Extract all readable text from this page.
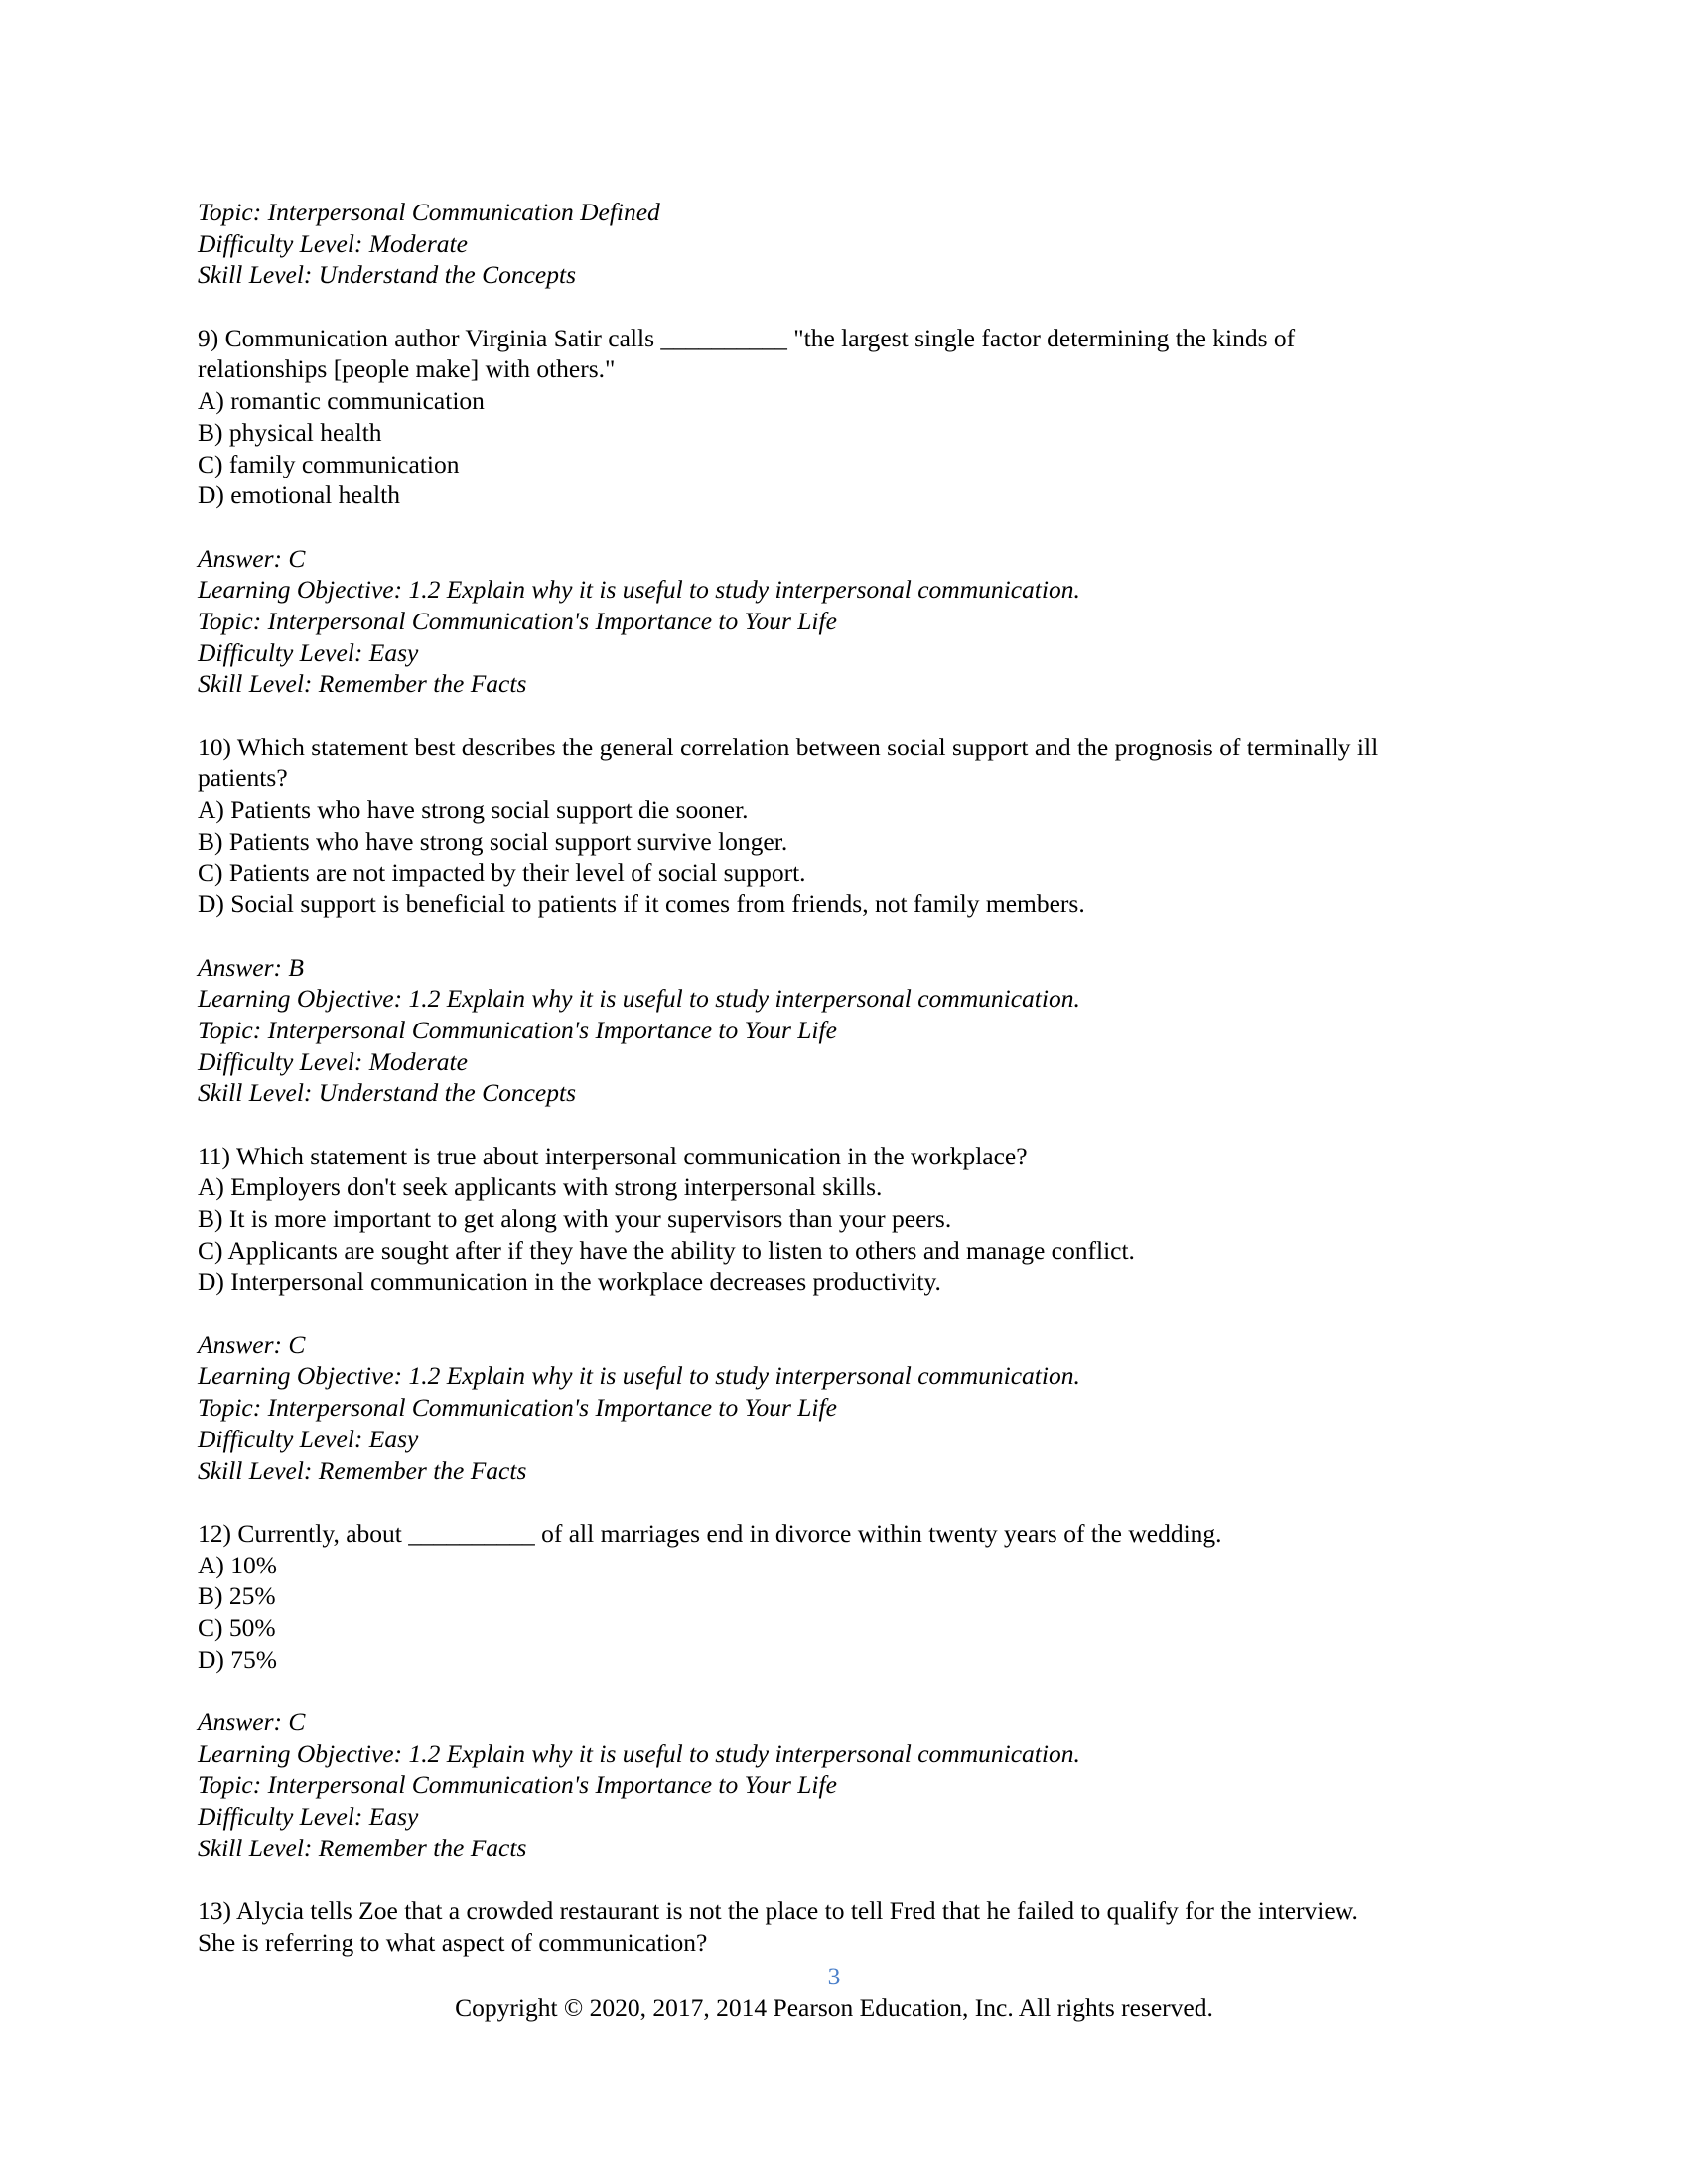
Topic: Interpersonal Communication Defined
Difficulty Level: Moderate
Skill Level: Understand the Concepts
9) Communication author Virginia Satir calls __________ "the largest single factor determining the kinds of
relationships [people make] with others."
A) romantic communication
B) physical health
C) family communication
D) emotional health
Answer: C
Learning Objective: 1.2 Explain why it is useful to study interpersonal communication.
Topic: Interpersonal Communication's Importance to Your Life
Difficulty Level: Easy
Skill Level: Remember the Facts
10) Which statement best describes the general correlation between social support and the prognosis of terminally ill
patients?
A) Patients who have strong social support die sooner.
B) Patients who have strong social support survive longer.
C) Patients are not impacted by their level of social support.
D) Social support is beneficial to patients if it comes from friends, not family members.
Answer: B
Learning Objective: 1.2 Explain why it is useful to study interpersonal communication.
Topic: Interpersonal Communication's Importance to Your Life
Difficulty Level: Moderate
Skill Level: Understand the Concepts
11) Which statement is true about interpersonal communication in the workplace?
A) Employers don't seek applicants with strong interpersonal skills.
B) It is more important to get along with your supervisors than your peers.
C) Applicants are sought after if they have the ability to listen to others and manage conflict.
D) Interpersonal communication in the workplace decreases productivity.
Answer: C
Learning Objective: 1.2 Explain why it is useful to study interpersonal communication.
Topic: Interpersonal Communication's Importance to Your Life
Difficulty Level: Easy
Skill Level: Remember the Facts
12) Currently, about __________ of all marriages end in divorce within twenty years of the wedding.
A) 10%
B) 25%
C) 50%
D) 75%
Answer: C
Learning Objective: 1.2 Explain why it is useful to study interpersonal communication.
Topic: Interpersonal Communication's Importance to Your Life
Difficulty Level: Easy
Skill Level: Remember the Facts
13) Alycia tells Zoe that a crowded restaurant is not the place to tell Fred that he failed to qualify for the interview.
She is referring to what aspect of communication?
3
Copyright © 2020, 2017, 2014 Pearson Education, Inc. All rights reserved.
